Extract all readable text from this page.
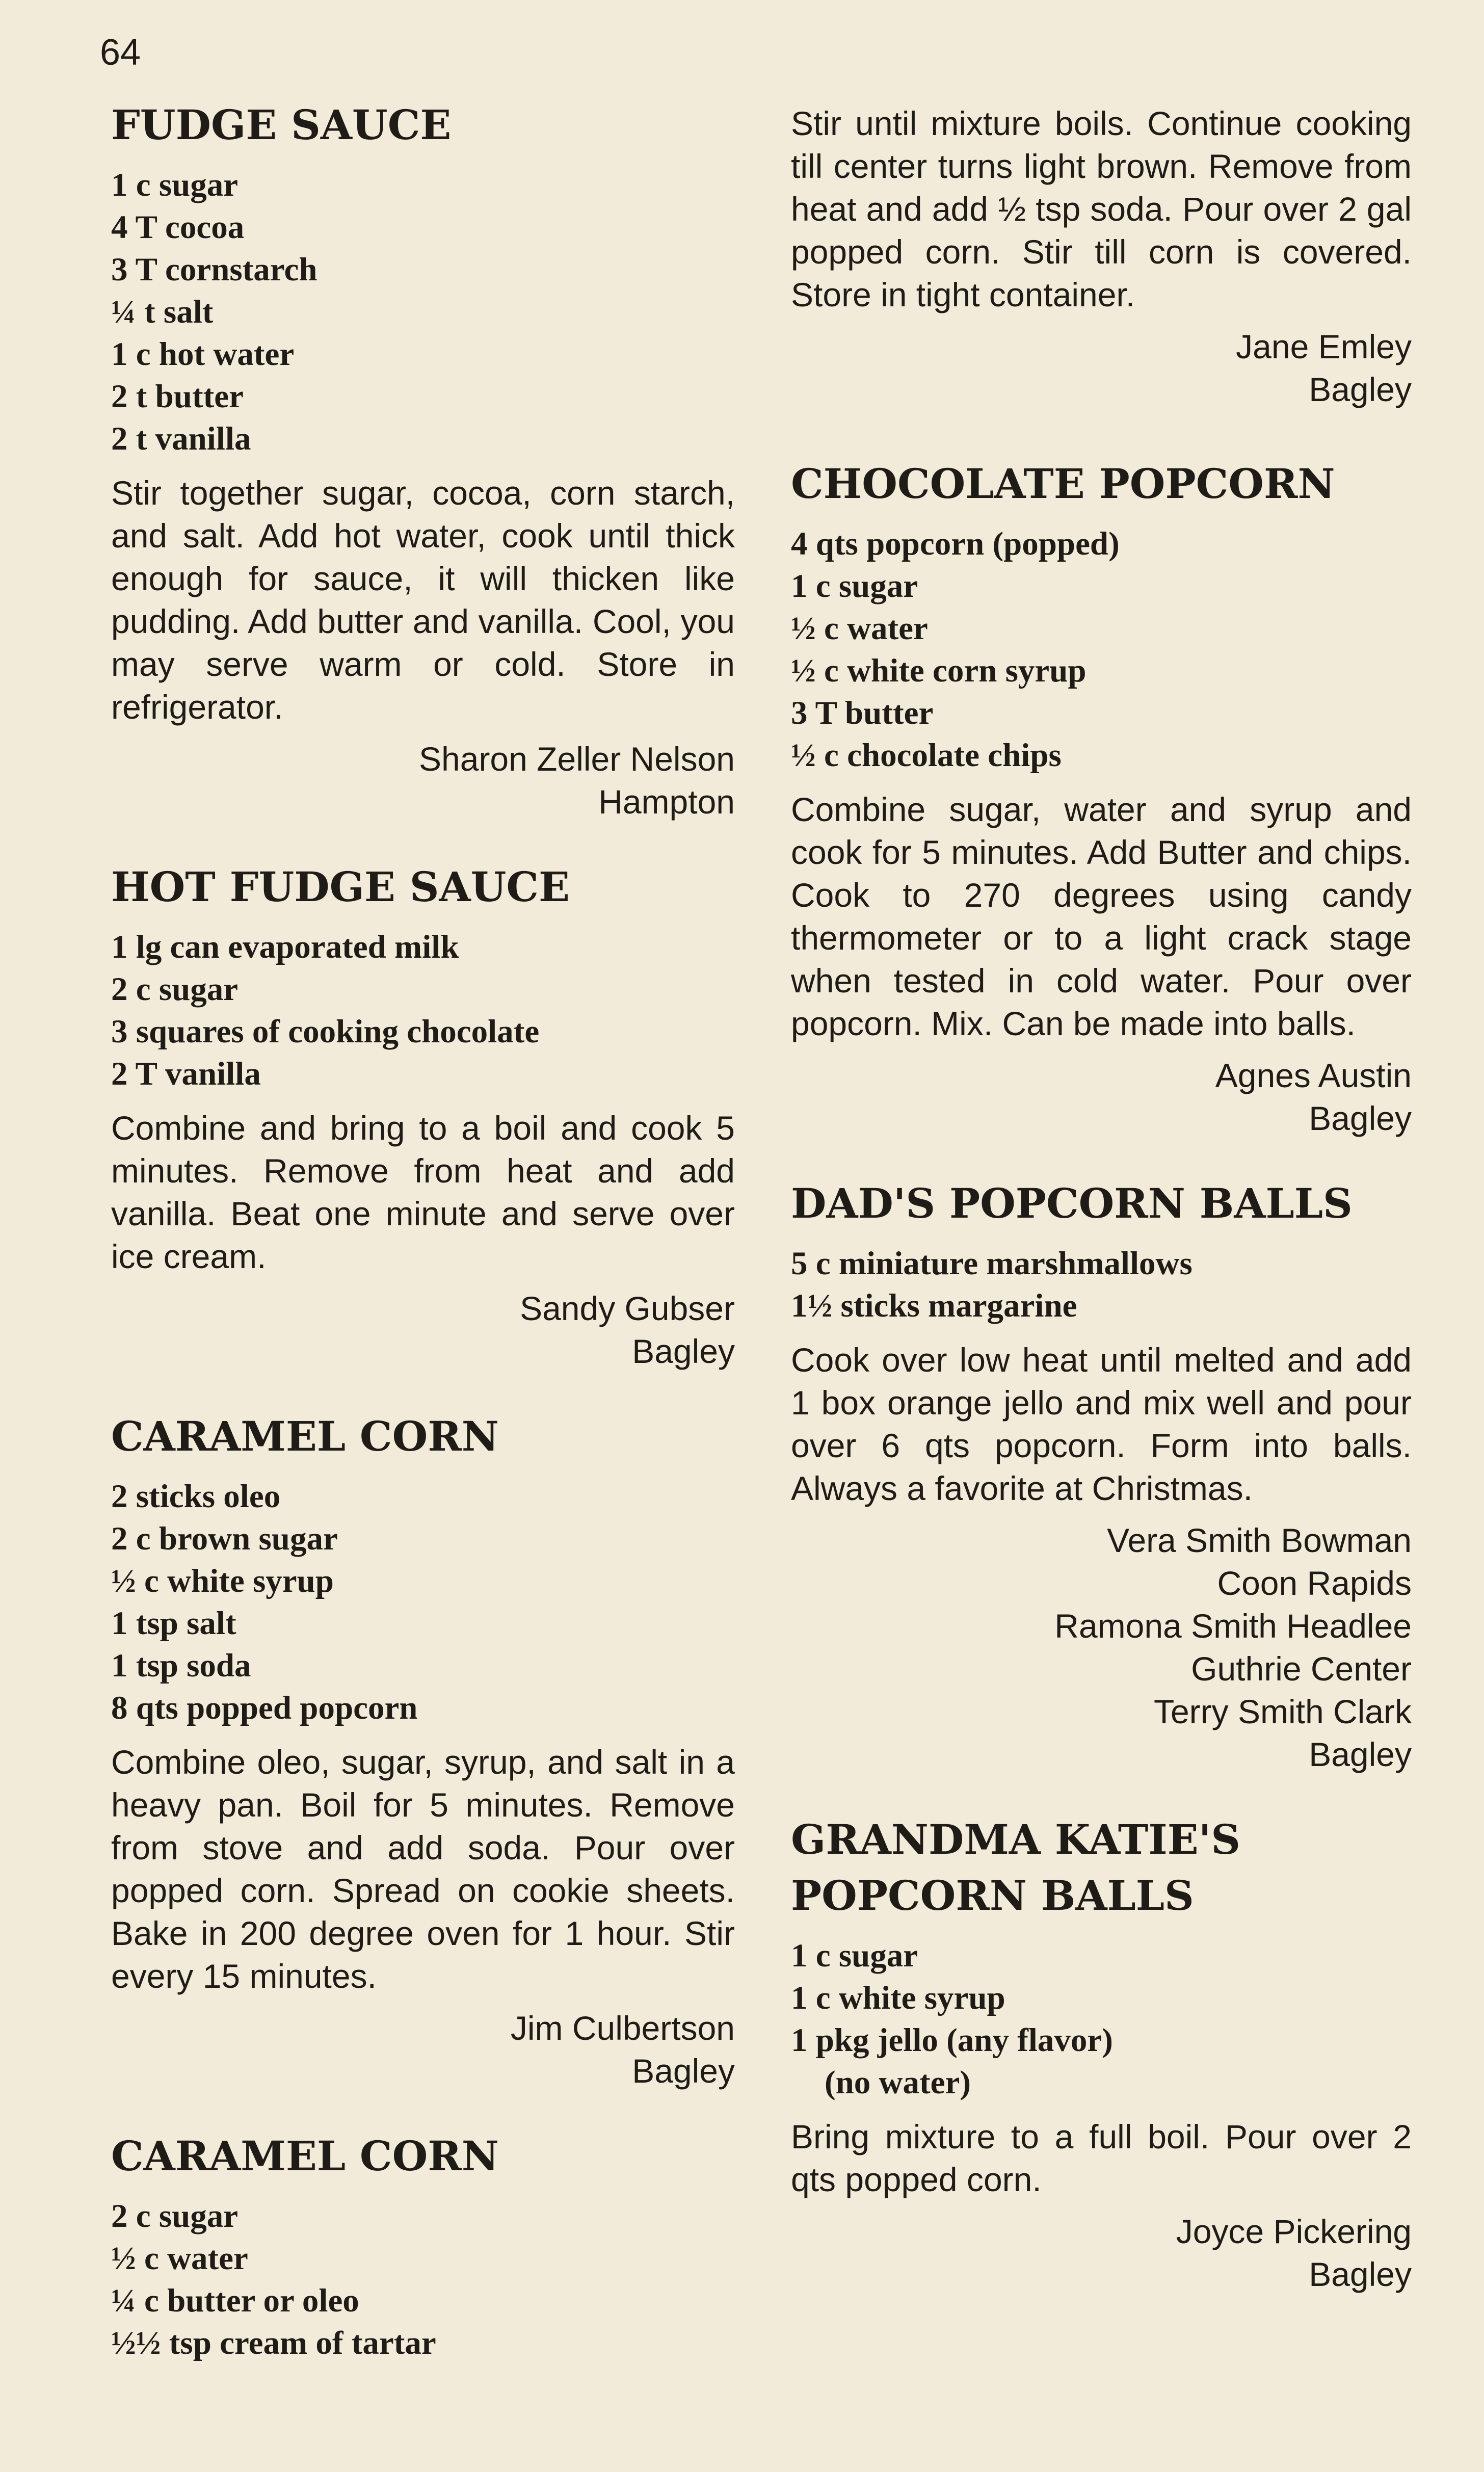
64
FUDGE SAUCE
1 c sugar
4 T cocoa
3 T cornstarch
¼ t salt
1 c hot water
2 t butter
2 t vanilla

Stir together sugar, cocoa, corn starch, and salt. Add hot water, cook until thick enough for sauce, it will thicken like pudding. Add butter and vanilla. Cool, you may serve warm or cold. Store in refrigerator.

Sharon Zeller Nelson
Hampton
HOT FUDGE SAUCE
1 lg can evaporated milk
2 c sugar
3 squares of cooking chocolate
2 T vanilla

Combine and bring to a boil and cook 5 minutes. Remove from heat and add vanilla. Beat one minute and serve over ice cream.

Sandy Gubser
Bagley
CARAMEL CORN
2 sticks oleo
2 c brown sugar
½ c white syrup
1 tsp salt
1 tsp soda
8 qts popped popcorn

Combine oleo, sugar, syrup, and salt in a heavy pan. Boil for 5 minutes. Remove from stove and add soda. Pour over popped corn. Spread on cookie sheets. Bake in 200 degree oven for 1 hour. Stir every 15 minutes.

Jim Culbertson
Bagley
CARAMEL CORN
2 c sugar
½ c water
¼ c butter or oleo
½½ tsp cream of tartar

Stir until mixture boils. Continue cooking till center turns light brown. Remove from heat and add ½ tsp soda. Pour over 2 gal popped corn. Stir till corn is covered. Store in tight container.

Jane Emley
Bagley
CHOCOLATE POPCORN
4 qts popcorn (popped)
1 c sugar
½ c water
½ c white corn syrup
3 T butter
½ c chocolate chips

Combine sugar, water and syrup and cook for 5 minutes. Add Butter and chips. Cook to 270 degrees using candy thermometer or to a light crack stage when tested in cold water. Pour over popcorn. Mix. Can be made into balls.

Agnes Austin
Bagley
DAD'S POPCORN BALLS
5 c miniature marshmallows
1½ sticks margarine

Cook over low heat until melted and add 1 box orange jello and mix well and pour over 6 qts popcorn. Form into balls. Always a favorite at Christmas.

Vera Smith Bowman
Coon Rapids
Ramona Smith Headlee
Guthrie Center
Terry Smith Clark
Bagley
GRANDMA KATIE'S
POPCORN BALLS
1 c sugar
1 c white syrup
1 pkg jello (any flavor)
(no water)

Bring mixture to a full boil. Pour over 2 qts popped corn.

Joyce Pickering
Bagley
